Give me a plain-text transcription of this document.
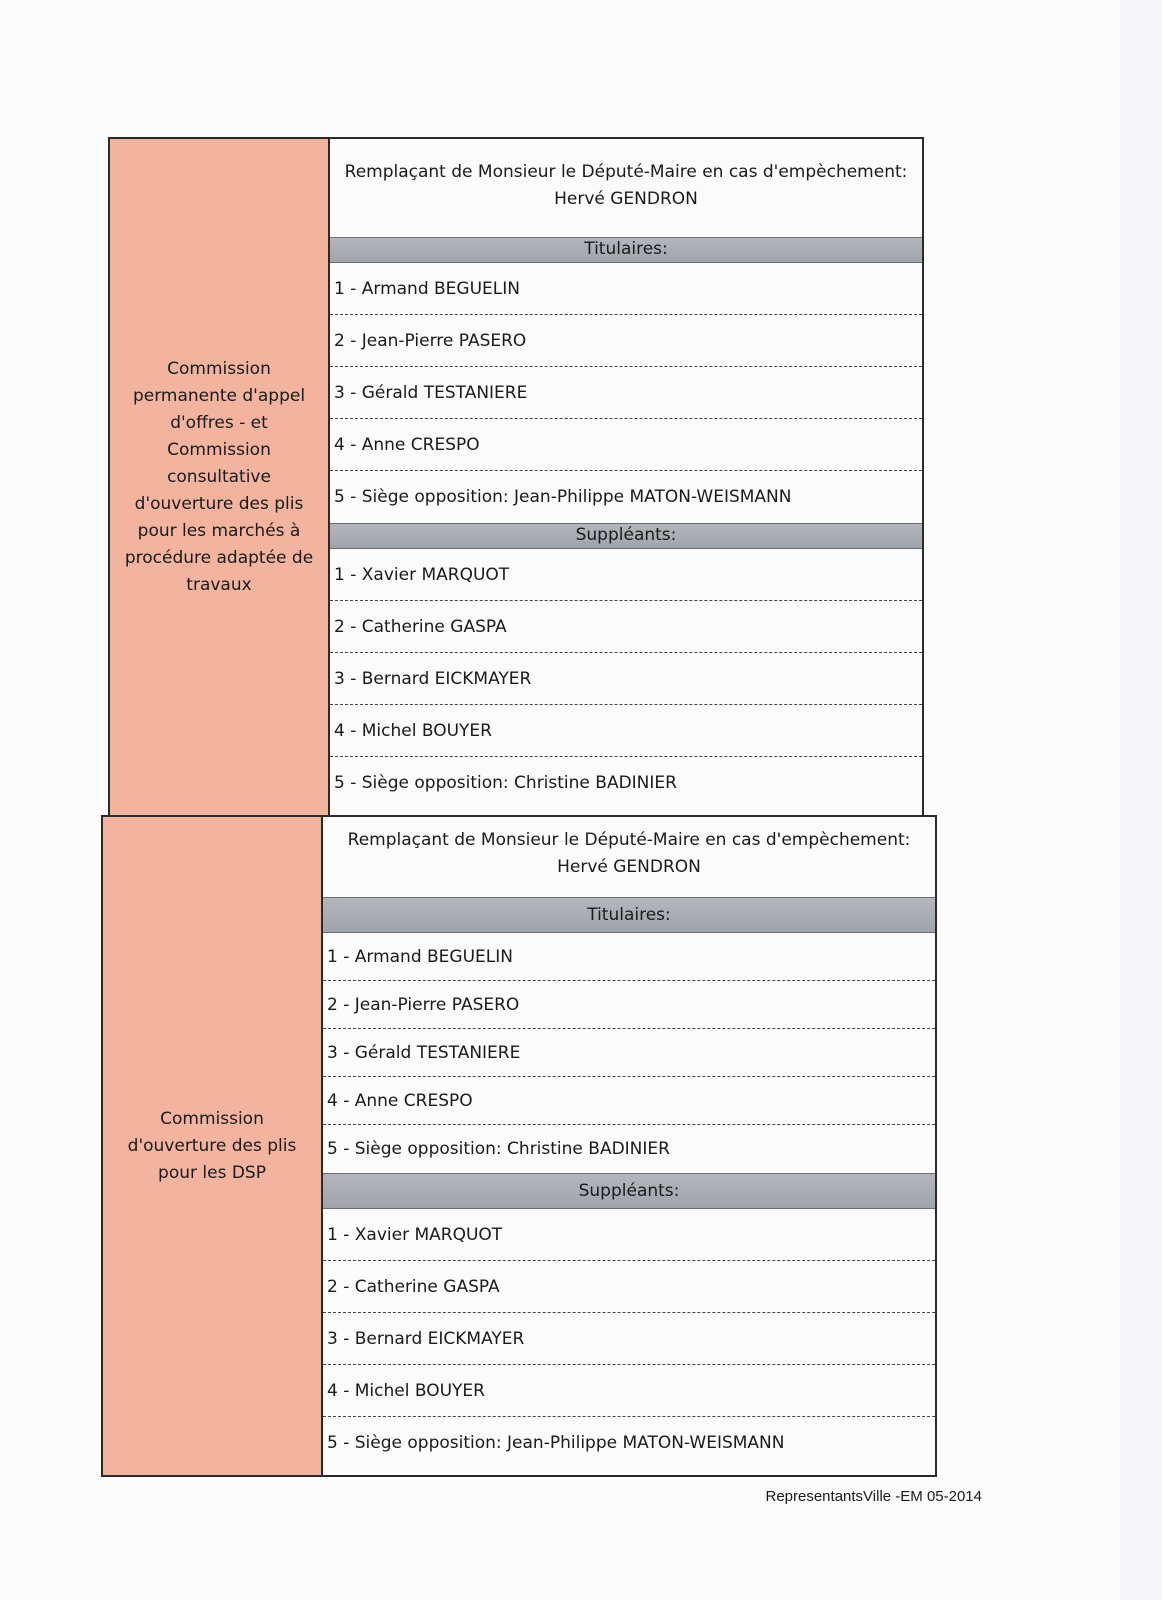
Commission permanente d'appel d'offres - et Commission consultative d'ouverture des plis pour les marchés à procédure adaptée de travaux
Remplaçant de Monsieur le Député-Maire en cas d'empèchement:
Hervé GENDRON
Titulaires:
1 - Armand BEGUELIN
2 - Jean-Pierre PASERO
3 - Gérald TESTANIERE
4 - Anne CRESPO
5 - Siège opposition: Jean-Philippe MATON-WEISMANN
Suppléants:
1 - Xavier MARQUOT
2 - Catherine GASPA
3 - Bernard EICKMAYER
4 - Michel BOUYER
5 - Siège opposition: Christine BADINIER
Commission d'ouverture des plis pour les DSP
Remplaçant de Monsieur le Député-Maire en cas d'empèchement:
Hervé GENDRON
Titulaires:
1 - Armand BEGUELIN
2 - Jean-Pierre PASERO
3 - Gérald TESTANIERE
4 - Anne CRESPO
5 - Siège opposition: Christine BADINIER
Suppléants:
1 - Xavier MARQUOT
2 - Catherine GASPA
3 - Bernard EICKMAYER
4 - Michel BOUYER
5 - Siège opposition: Jean-Philippe MATON-WEISMANN
RepresentantsVille -EM 05-2014
